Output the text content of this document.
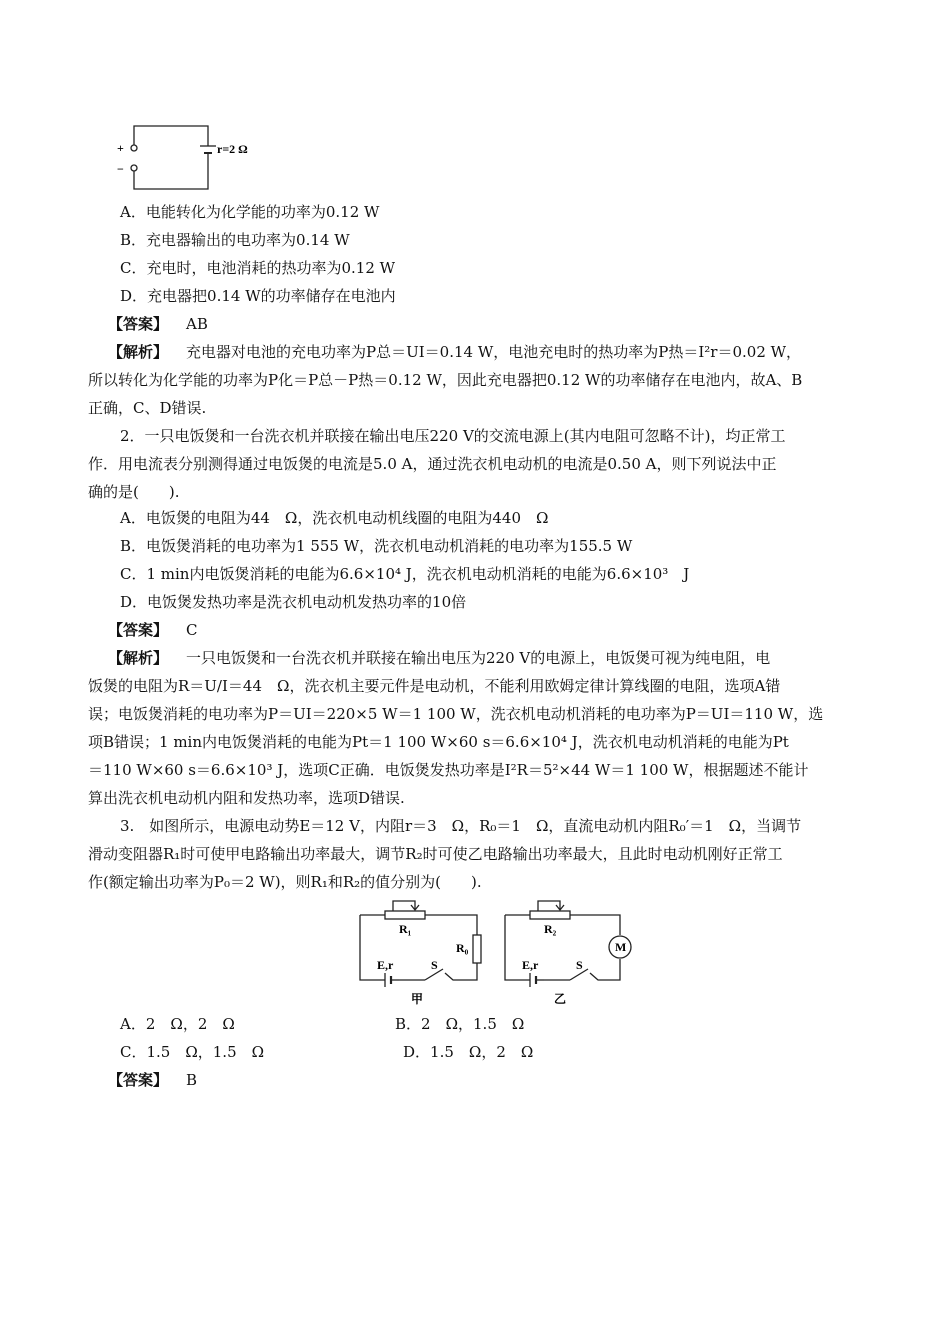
+
−
r=2 Ω
A．电能转化为化学能的功率为0.12 W
B．充电器输出的电功率为0.14 W
C．充电时，电池消耗的热功率为0.12 W
D．充电器把0.14 W的功率储存在电池内
【答案】 AB
【解析】 充电器对电池的充电功率为P总＝UI＝0.14 W，电池充电时的热功率为P热＝I²r＝0.02 W，
所以转化为化学能的功率为P化＝P总－P热＝0.12 W，因此充电器把0.12 W的功率储存在电池内，故A、B
正确，C、D错误.
2．一只电饭煲和一台洗衣机并联接在输出电压220 V的交流电源上(其内电阻可忽略不计)，均正常工
作．用电流表分别测得通过电饭煲的电流是5.0 A，通过洗衣机电动机的电流是0.50 A，则下列说法中正
确的是(　　).
A．电饭煲的电阻为44　Ω，洗衣机电动机线圈的电阻为440　Ω
B．电饭煲消耗的电功率为1 555 W，洗衣机电动机消耗的电功率为155.5 W
C．1 min内电饭煲消耗的电能为6.6×10⁴ J，洗衣机电动机消耗的电能为6.6×10³　J
D．电饭煲发热功率是洗衣机电动机发热功率的10倍
【答案】 C
【解析】 一只电饭煲和一台洗衣机并联接在输出电压为220 V的电源上，电饭煲可视为纯电阻，电
饭煲的电阻为R＝U/I＝44　Ω，洗衣机主要元件是电动机，不能利用欧姆定律计算线圈的电阻，选项A错
误；电饭煲消耗的电功率为P＝UI＝220×5 W＝1 100 W，洗衣机电动机消耗的电功率为P＝UI＝110 W，选
项B错误；1 min内电饭煲消耗的电能为Pt＝1 100 W×60 s＝6.6×10⁴ J，洗衣机电动机消耗的电能为Pt
＝110 W×60 s＝6.6×10³ J，选项C正确．电饭煲发热功率是I²R＝5²×44 W＝1 100 W，根据题述不能计
算出洗衣机电动机内阻和发热功率，选项D错误.
3.　如图所示，电源电动势E＝12 V，内阻r＝3　Ω，R₀＝1　Ω，直流电动机内阻R₀′＝1　Ω，当调节
滑动变阻器R₁时可使甲电路输出功率最大，调节R₂时可使乙电路输出功率最大，且此时电动机刚好正常工
作(额定输出功率为P₀＝2 W)，则R₁和R₂的值分别为(　　).
R₁
R₀
E,r	S
甲
R₂
M
E,r	S
乙
A．2　Ω，2　Ω	B．2　Ω，1.5　Ω
C．1.5　Ω，1.5　Ω	D．1.5　Ω，2　Ω
【答案】 B
